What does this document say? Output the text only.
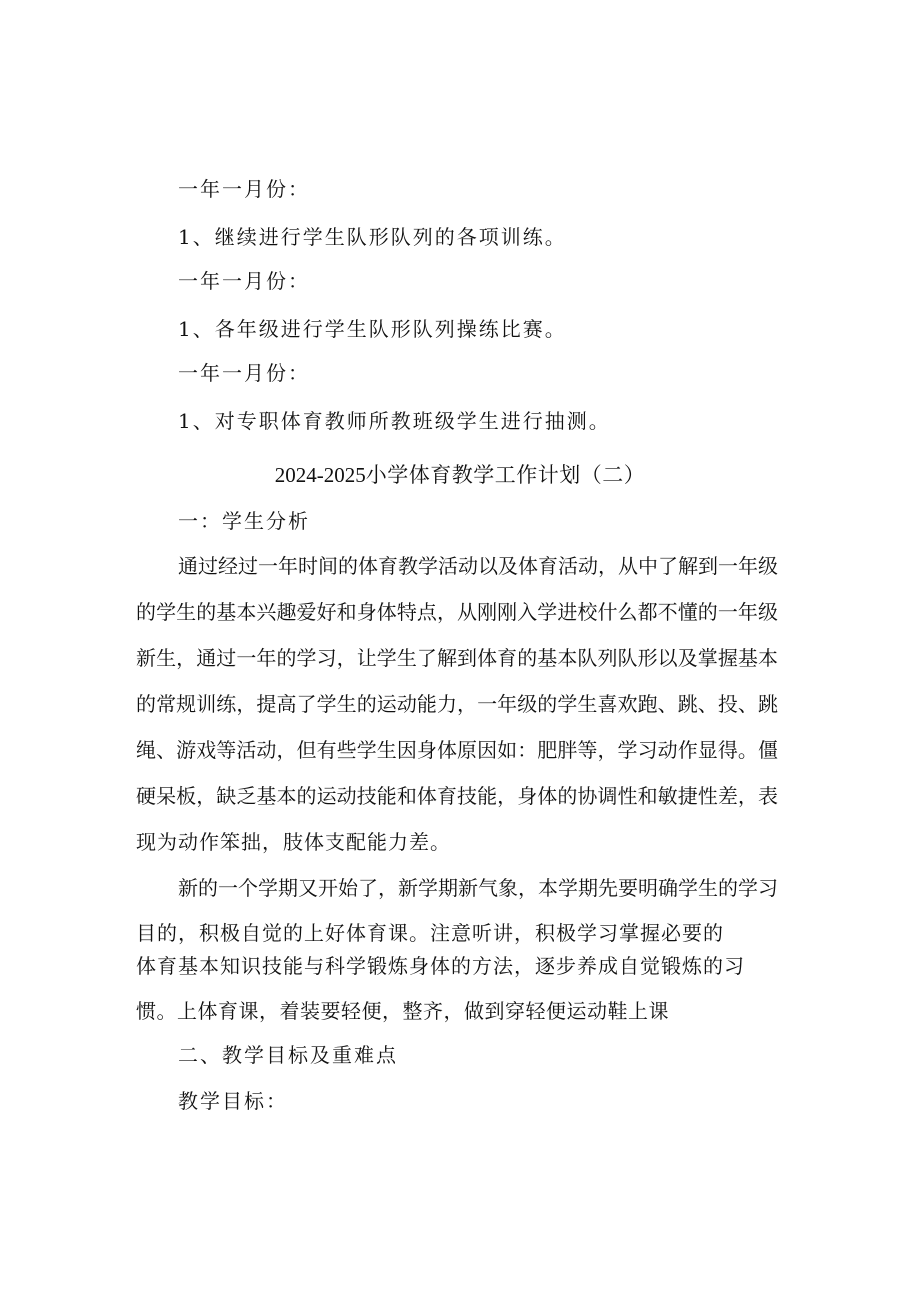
一年一月份：
1、继续进行学生队形队列的各项训练。
一年一月份：
1、各年级进行学生队形队列操练比赛。
一年一月份：
1、对专职体育教师所教班级学生进行抽测。
2024-2025小学体育教学工作计划（二）
一：学生分析
通过经过一年时间的体育教学活动以及体育活动，从中了解到一年级
的学生的基本兴趣爱好和身体特点，从刚刚入学进校什么都不懂的一年级
新生，通过一年的学习，让学生了解到体育的基本队列队形以及掌握基本
的常规训练，提高了学生的运动能力，一年级的学生喜欢跑、跳、投、跳
绳、游戏等活动，但有些学生因身体原因如：肥胖等，学习动作显得。僵
硬呆板，缺乏基本的运动技能和体育技能，身体的协调性和敏捷性差，表
现为动作笨拙，肢体支配能力差。
新的一个学期又开始了，新学期新气象，本学期先要明确学生的学习
目的，积极自觉的上好体育课。注意听讲，积极学习掌握必要的
体育基本知识技能与科学锻炼身体的方法，逐步养成自觉锻炼的习
惯。上体育课，着装要轻便，整齐，做到穿轻便运动鞋上课
二、教学目标及重难点
教学目标：
